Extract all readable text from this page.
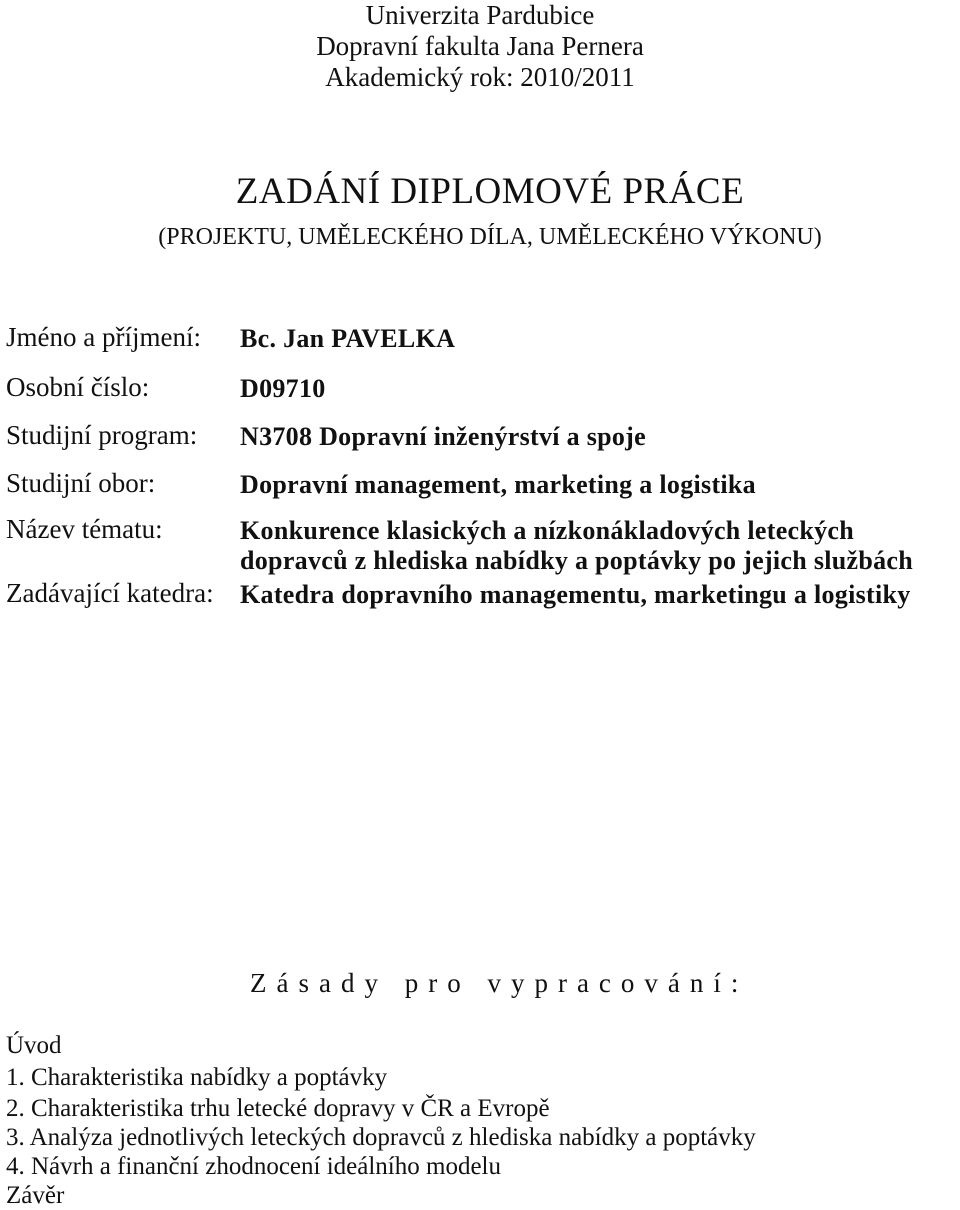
Univerzita Pardubice
Dopravní fakulta Jana Pernera
Akademický rok: 2010/2011
ZADÁNÍ DIPLOMOVÉ PRÁCE
(PROJEKTU, UMĚLECKÉHO DÍLA, UMĚLECKÉHO VÝKONU)
Jméno a příjmení: Bc. Jan PAVELKA
Osobní číslo:	D09710
Studijní program: N3708 Dopravní inženýrství a spoje
Studijní obor:	Dopravní management, marketing a logistika
Název tématu:	Konkurence klasických a nízkonákladových leteckých
dopravců z hlediska nabídky a poptávky po jejich službách
Zadávající katedra: Katedra dopravního managementu, marketingu a logistiky
Zásady pro vypracování:
Úvod
1. Charakteristika nabídky a poptávky
2. Charakteristika trhu letecké dopravy v ČR a Evropě
3. Analýza jednotlivých leteckých dopravců z hlediska nabídky a poptávky
4. Návrh a finanční zhodnocení ideálního modelu
Závěr
